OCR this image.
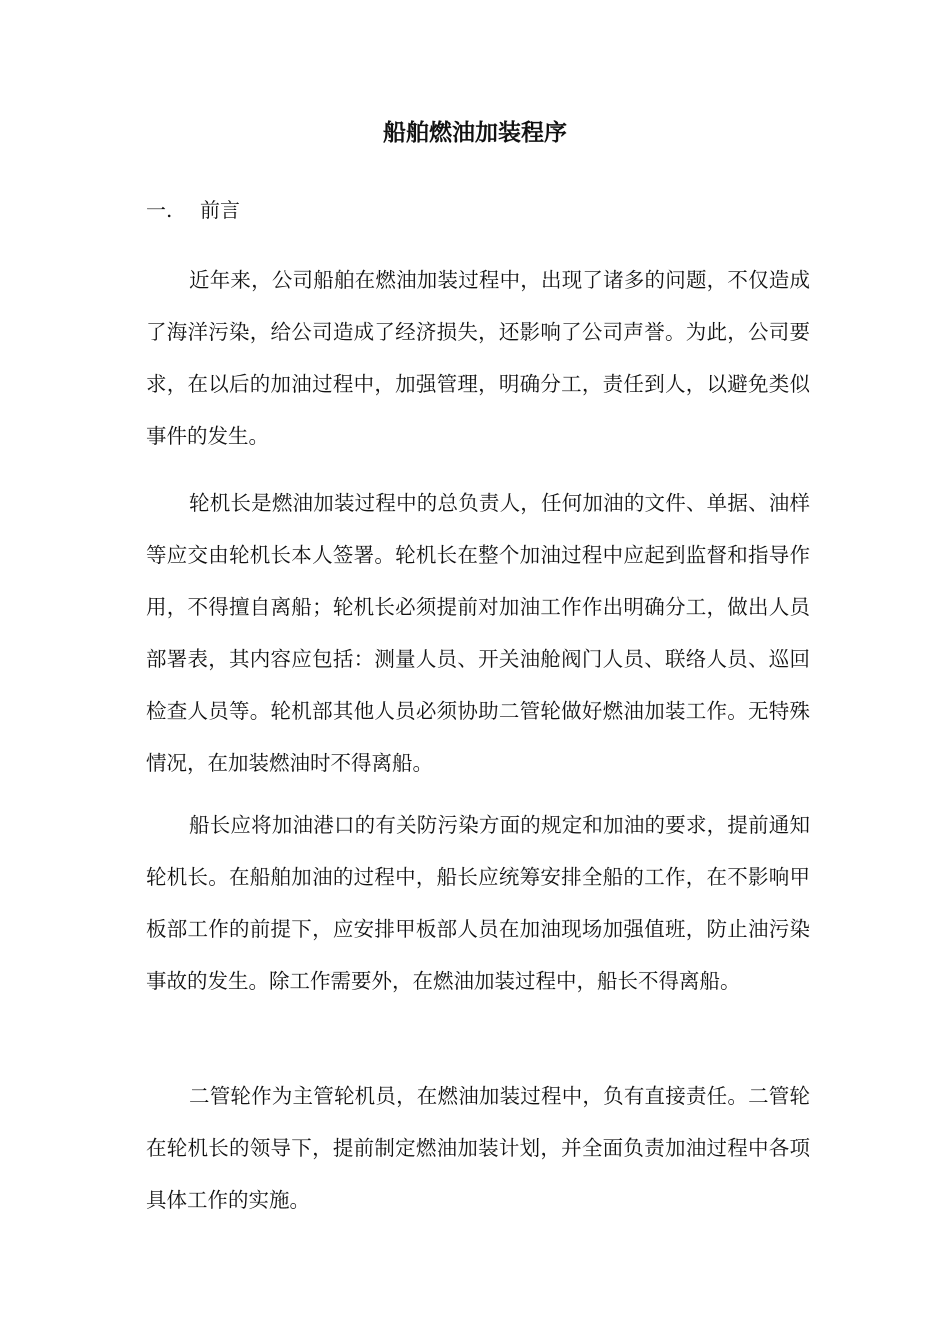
船舶燃油加装程序
一. 前言

近年来，公司船舶在燃油加装过程中，出现了诸多的问题，不仅造成了海洋污染，给公司造成了经济损失，还影响了公司声誉。为此，公司要求，在以后的加油过程中，加强管理，明确分工，责任到人，以避免类似事件的发生。

轮机长是燃油加装过程中的总负责人，任何加油的文件、单据、油样等应交由轮机长本人签署。轮机长在整个加油过程中应起到监督和指导作用，不得擅自离船；轮机长必须提前对加油工作作出明确分工，做出人员部署表，其内容应包括：测量人员、开关油舱阀门人员、联络人员、巡回检查人员等。轮机部其他人员必须协助二管轮做好燃油加装工作。无特殊情况，在加装燃油时不得离船。

船长应将加油港口的有关防污染方面的规定和加油的要求，提前通知轮机长。在船舶加油的过程中，船长应统筹安排全船的工作，在不影响甲板部工作的前提下，应安排甲板部人员在加油现场加强值班，防止油污染事故的发生。除工作需要外，在燃油加装过程中，船长不得离船。

二管轮作为主管轮机员，在燃油加装过程中，负有直接责任。二管轮在轮机长的领导下，提前制定燃油加装计划，并全面负责加油过程中各项具体工作的实施。
